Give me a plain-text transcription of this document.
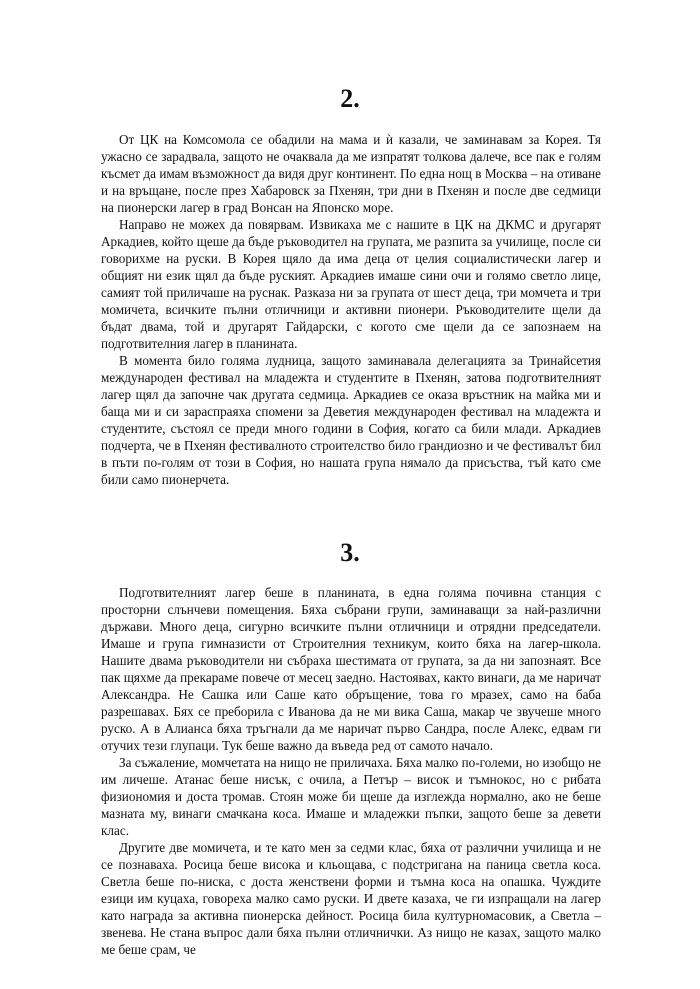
2.

От ЦК на Комсомола се обадили на мама и ѝ казали, че заминавам за Корея. Тя ужасно се зарадвала, защото не очаквала да ме изпратят толкова далече, все пак е голям късмет да имам възможност да видя друг континент. По една нощ в Москва – на отиване и на връщане, после през Хабаровск за Пхенян, три дни в Пхенян и после две седмици на пионерски лагер в град Вонсан на Японско море.

Направо не можех да повярвам. Извикаха ме с нашите в ЦК на ДКМС и другарят Аркадиев, който щеше да бъде ръководител на групата, ме разпита за училище, после си говорихме на руски. В Корея щяло да има деца от целия социалистически лагер и общият ни език щял да бъде руският. Аркадиев имаше сини очи и голямо светло лице, самият той приличаше на руснак. Разказа ни за групата от шест деца, три момчета и три момичета, всичките пълни отличници и активни пионери. Ръководителите щели да бъдат двама, той и другарят Гайдарски, с когото сме щели да се запознаем на подготвителния лагер в планината.

В момента било голяма лудница, защото заминавала делегацията за Тринайсетия международен фестивал на младежта и студентите в Пхенян, затова подготвителният лагер щял да започне чак другата седмица. Аркадиев се оказа връстник на майка ми и баща ми и си зараспраяха спомени за Деветия международен фестивал на младежта и студентите, състоял се преди много години в София, когато са били млади. Аркадиев подчерта, че в Пхенян фестивалното строителство било грандиозно и че фестивалът бил в пъти по-голям от този в София, но нашата група нямало да присъства, тъй като сме били само пионерчета.

3.

Подготвителният лагер беше в планината, в една голяма почивна станция с просторни слънчеви помещения. Бяха събрани групи, заминаващи за най-различни държави. Много деца, сигурно всичките пълни отличници и отрядни председатели. Имаше и група гимназисти от Строителния техникум, които бяха на лагер-школа. Нашите двама ръководители ни събраха шестимата от групата, за да ни запознаят. Все пак щяхме да прекараме повече от месец заедно. Настоявах, както винаги, да ме наричат Александра. Не Сашка или Саше като обръщение, това го мразех, само на баба разрешавах. Бях се преборила с Иванова да не ми вика Саша, макар че звучеше много руско. А в Алианса бяха тръгнали да ме наричат първо Сандра, после Алекс, едвам ги отучих тези глупаци. Тук беше важно да въведа ред от самото начало.

За съжаление, момчетата на нищо не приличаха. Бяха малко по-големи, но изобщо не им личеше. Атанас беше нисък, с очила, а Петър – висок и тъмнокос, но с рибата физиономия и доста тромав. Стоян може би щеше да изглежда нормално, ако не беше мазната му, винаги смачкана коса. Имаше и младежки пъпки, защото беше за девети клас.

Другите две момичета, и те като мен за седми клас, бяха от различни училища и не се познаваха. Росица беше висока и кльощава, с подстригана на паница светла коса. Светла беше по-ниска, с доста женствени форми и тъмна коса на опашка. Чуждите езици им куцаха, говореха малко само руски. И двете казаха, че ги изпращали на лагер като награда за активна пионерска дейност. Росица била културномасовик, а Светла – звенева. Не стана въпрос дали бяха пълни отличнички. Аз нищо не казах, защото малко ме беше срам, че
